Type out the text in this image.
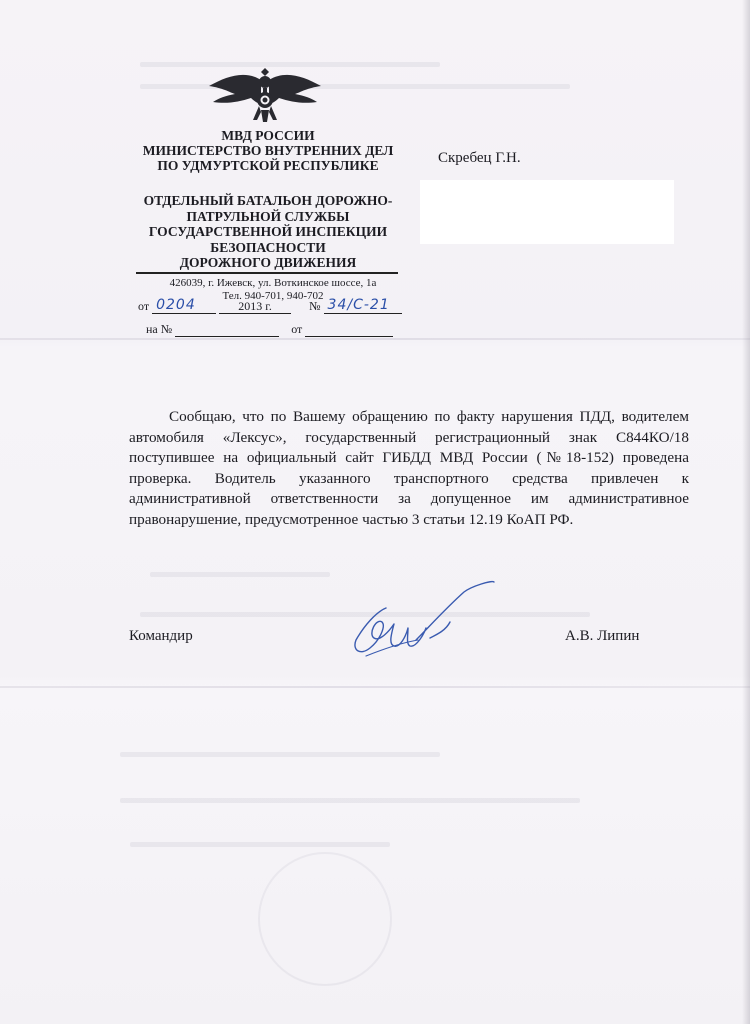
МВД РОССИИ
МИНИСТЕРСТВО ВНУТРЕННИХ ДЕЛ
ПО УДМУРТСКОЙ РЕСПУБЛИКЕ
ОТДЕЛЬНЫЙ БАТАЛЬОН ДОРОЖНО-
ПАТРУЛЬНОЙ СЛУЖБЫ
ГОСУДАРСТВЕННОЙ ИНСПЕКЦИИ
БЕЗОПАСНОСТИ
ДОРОЖНОГО ДВИЖЕНИЯ
426039, г. Ижевск, ул. Воткинское шоссе, 1а
Тел. 940-701, 940-702
от 0204	2013 г.	№ 34/С-21
на №	от
Скребец Г.Н.
Сообщаю, что по Вашему обращению по факту нарушения ПДД, водителем автомобиля «Лексус», государственный регистрационный знак С844КО/18 поступившее на официальный сайт ГИБДД МВД России (№18-152) проведена проверка. Водитель указанного транспортного средства привлечен к административной ответственности за допущенное им административное правонарушение, предусмотренное частью 3 статьи 12.19 КоАП РФ.
Командир	А.В. Липин
